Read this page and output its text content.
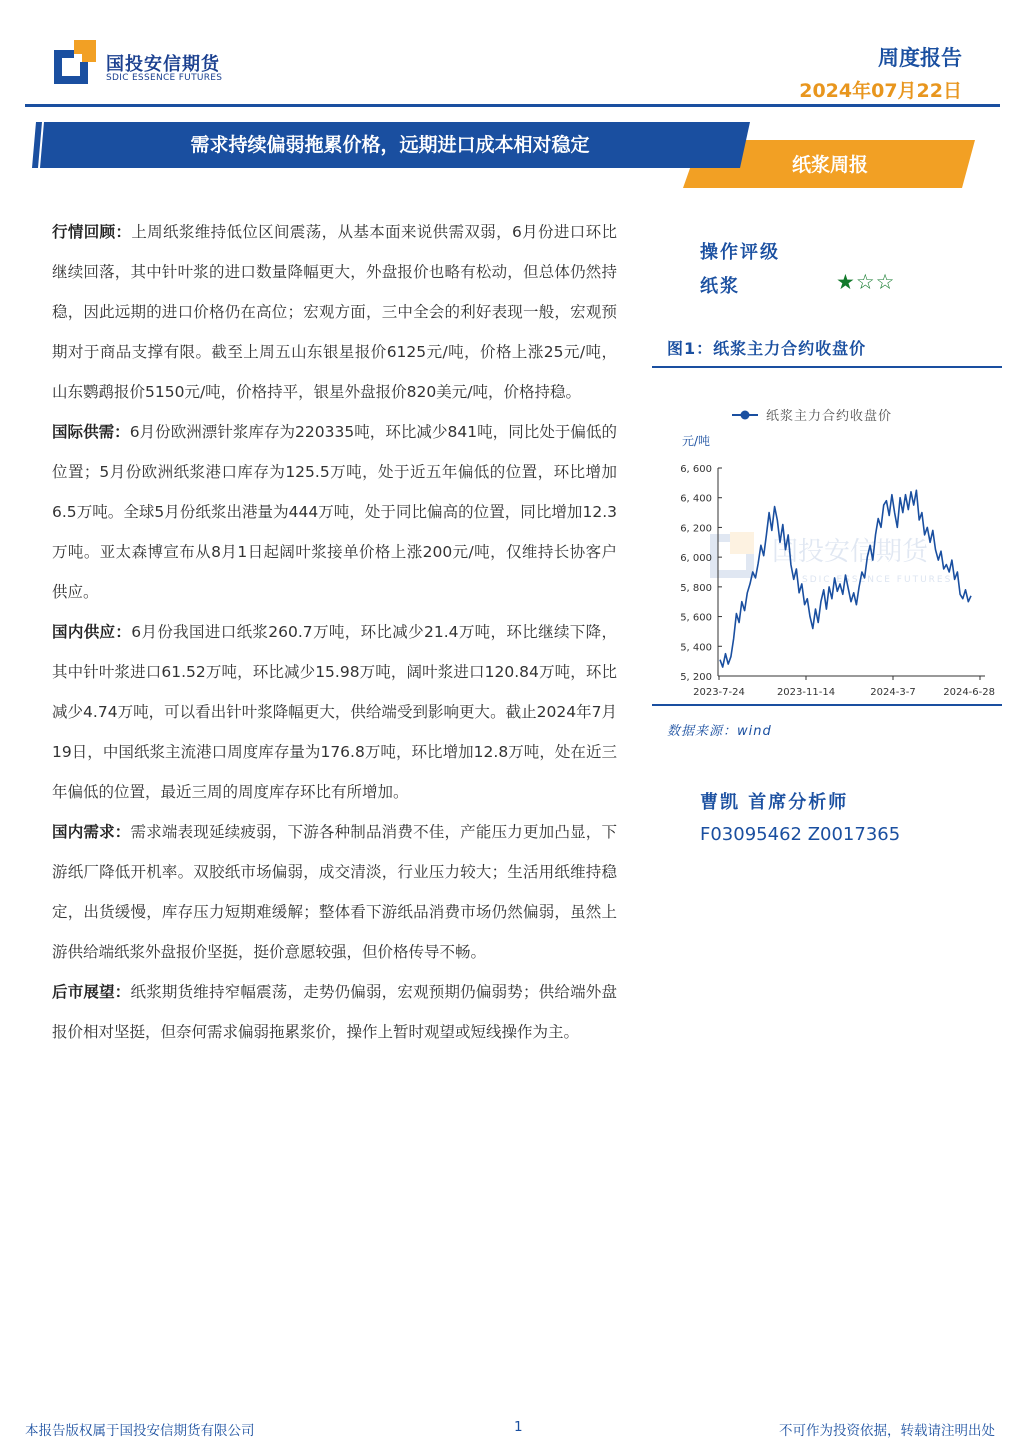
国投安信期货
SDIC ESSENCE FUTURES
周度报告
2024年07月22日
需求持续偏弱拖累价格，远期进口成本相对稳定
纸浆周报

行情回顾：上周纸浆维持低位区间震荡，从基本面来说供需双弱，6月份进口环比继续回落，其中针叶浆的进口数量降幅更大，外盘报价也略有松动，但总体仍然持稳，因此远期的进口价格仍在高位；宏观方面，三中全会的利好表现一般，宏观预期对于商品支撑有限。截至上周五山东银星报价6125元/吨，价格上涨25元/吨，山东鹦鹉报价5150元/吨，价格持平，银星外盘报价820美元/吨，价格持稳。

国际供需：6月份欧洲漂针浆库存为220335吨，环比减少841吨，同比处于偏低的位置；5月份欧洲纸浆港口库存为125.5万吨，处于近五年偏低的位置，环比增加6.5万吨。全球5月份纸浆出港量为444万吨，处于同比偏高的位置，同比增加12.3万吨。亚太森博宣布从8月1日起阔叶浆接单价格上涨200元/吨，仅维持长协客户供应。

国内供应：6月份我国进口纸浆260.7万吨，环比减少21.4万吨，环比继续下降，其中针叶浆进口61.52万吨，环比减少15.98万吨，阔叶浆进口120.84万吨，环比减少4.74万吨，可以看出针叶浆降幅更大，供给端受到影响更大。截止2024年7月19日，中国纸浆主流港口周度库存量为176.8万吨，环比增加12.8万吨，处在近三年偏低的位置，最近三周的周度库存环比有所增加。

国内需求：需求端表现延续疲弱，下游各种制品消费不佳，产能压力更加凸显，下游纸厂降低开机率。双胶纸市场偏弱，成交清淡，行业压力较大；生活用纸维持稳定，出货缓慢，库存压力短期难缓解；整体看下游纸品消费市场仍然偏弱，虽然上游供给端纸浆外盘报价坚挺，挺价意愿较强，但价格传导不畅。

后市展望：纸浆期货维持窄幅震荡，走势仍偏弱，宏观预期仍偏弱势；供给端外盘报价相对坚挺，但奈何需求偏弱拖累浆价，操作上暂时观望或短线操作为主。

操作评级
纸浆	★☆☆
图1：纸浆主力合约收盘价
国投安信期货
SDIC ESSENCE FUTURES
纸浆主力合约收盘价
元/吨
5, 200
5, 400
5, 600
5, 800
6, 000
6, 200
6, 400
6, 600
2023-7-24	2023-11-14	2024-3-7	2024-6-28
数据来源：wind
曹凯 首席分析师
F03095462 Z0017365
本报告版权属于国投安信期货有限公司	1	不可作为投资依据，转载请注明出处
